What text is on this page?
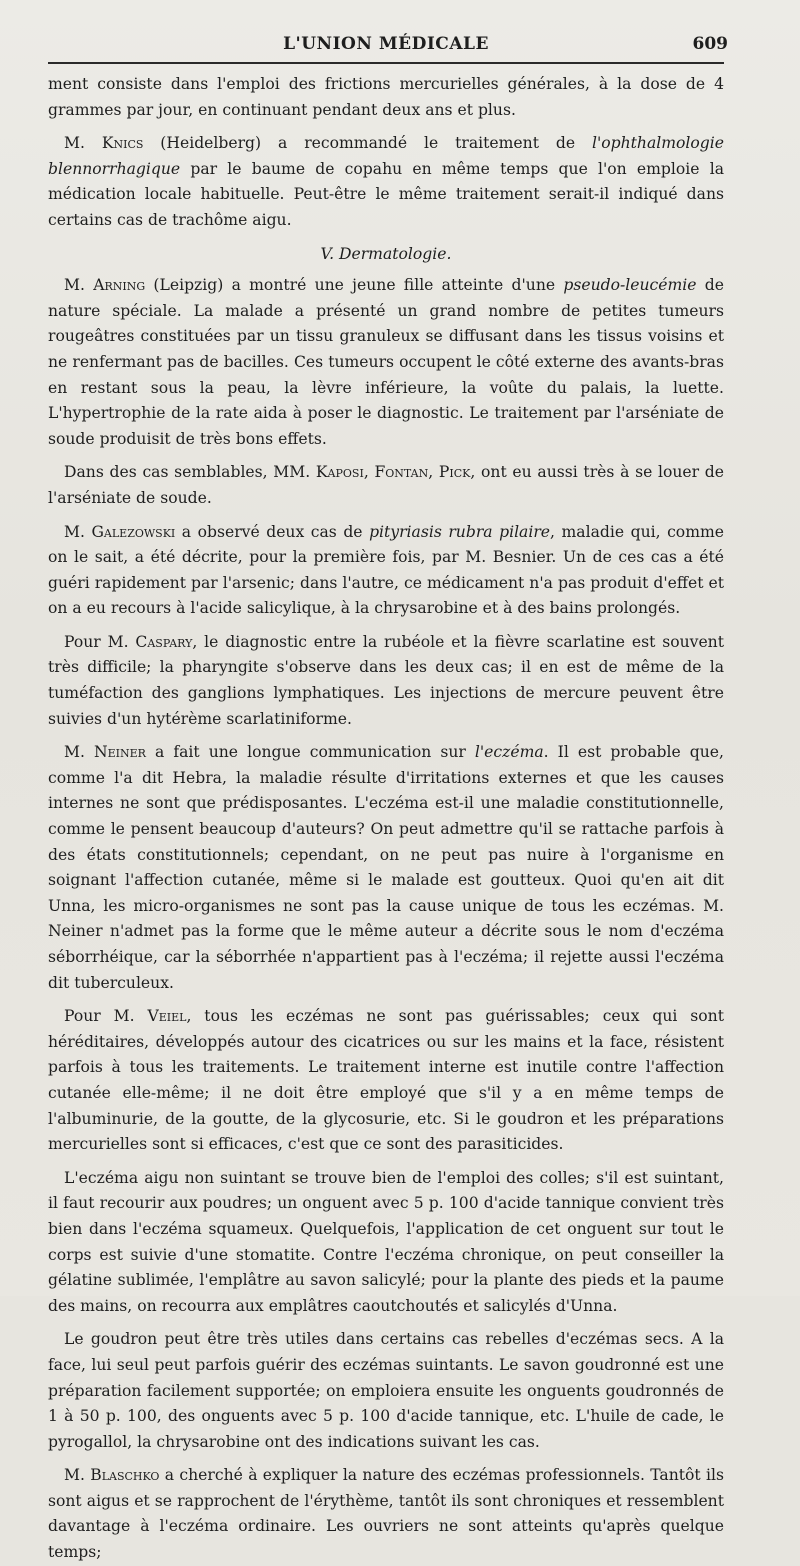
L'UNION MÉDICALE	609

ment consiste dans l'emploi des frictions mercurielles générales, à la dose de 4 grammes par jour, en continuant pendant deux ans et plus.

M. Knics (Heidelberg) a recommandé le traitement de l'ophthalmologie blennorrhagique par le baume de copahu en même temps que l'on emploie la médication locale habituelle. Peut-être le même traitement serait-il indiqué dans certains cas de trachôme aigu.

V. Dermatologie.

M. Arning (Leipzig) a montré une jeune fille atteinte d'une pseudo-leucémie de nature spéciale. La malade a présenté un grand nombre de petites tumeurs rougeâtres constituées par un tissu granuleux se diffusant dans les tissus voisins et ne renfermant pas de bacilles. Ces tumeurs occupent le côté externe des avants-bras en restant sous la peau, la lèvre inférieure, la voûte du palais, la luette. L'hypertrophie de la rate aida à poser le diagnostic. Le traitement par l'arséniate de soude produisit de très bons effets.

Dans des cas semblables, MM. Kaposi, Fontan, Pick, ont eu aussi très à se louer de l'arséniate de soude.

M. Galezowski a observé deux cas de pityriasis rubra pilaire, maladie qui, comme on le sait, a été décrite, pour la première fois, par M. Besnier. Un de ces cas a été guéri rapidement par l'arsenic; dans l'autre, ce médicament n'a pas produit d'effet et on a eu recours à l'acide salicylique, à la chrysarobine et à des bains prolongés.

Pour M. Caspary, le diagnostic entre la rubéole et la fièvre scarlatine est souvent très difficile; la pharyngite s'observe dans les deux cas; il en est de même de la tuméfaction des ganglions lymphatiques. Les injections de mercure peuvent être suivies d'un hytérème scarlatiniforme.

M. Neiner a fait une longue communication sur l'eczéma. Il est probable que, comme l'a dit Hebra, la maladie résulte d'irritations externes et que les causes internes ne sont que prédisposantes. L'eczéma est-il une maladie constitutionnelle, comme le pensent beaucoup d'auteurs? On peut admettre qu'il se rattache parfois à des états constitutionnels; cependant, on ne peut pas nuire à l'organisme en soignant l'affection cutanée, même si le malade est goutteux. Quoi qu'en ait dit Unna, les micro-organismes ne sont pas la cause unique de tous les eczémas. M. Neiner n'admet pas la forme que le même auteur a décrite sous le nom d'eczéma séborrhéique, car la séborrhée n'appartient pas à l'eczéma; il rejette aussi l'eczéma dit tuberculeux.

Pour M. Veiel, tous les eczémas ne sont pas guérissables; ceux qui sont héréditaires, développés autour des cicatrices ou sur les mains et la face, résistent parfois à tous les traitements. Le traitement interne est inutile contre l'affection cutanée elle-même; il ne doit être employé que s'il y a en même temps de l'albuminurie, de la goutte, de la glycosurie, etc. Si le goudron et les préparations mercurielles sont si efficaces, c'est que ce sont des parasiticides.

L'eczéma aigu non suintant se trouve bien de l'emploi des colles; s'il est suintant, il faut recourir aux poudres; un onguent avec 5 p. 100 d'acide tannique convient très bien dans l'eczéma squameux. Quelquefois, l'application de cet onguent sur tout le corps est suivie d'une stomatite. Contre l'eczéma chronique, on peut conseiller la gélatine sublimée, l'emplâtre au savon salicylé; pour la plante des pieds et la paume des mains, on recourra aux emplâtres caoutchoutés et salicylés d'Unna.

Le goudron peut être très utiles dans certains cas rebelles d'eczémas secs. A la face, lui seul peut parfois guérir des eczémas suintants. Le savon goudronné est une préparation facilement supportée; on emploiera ensuite les onguents goudronnés de 1 à 50 p. 100, des onguents avec 5 p. 100 d'acide tannique, etc. L'huile de cade, le pyrogallol, la chrysarobine ont des indications suivant les cas.

M. Blaschko a cherché à expliquer la nature des eczémas professionnels. Tantôt ils sont aigus et se rapprochent de l'érythème, tantôt ils sont chroniques et ressemblent davantage à l'eczéma ordinaire. Les ouvriers ne sont atteints qu'après quelque temps;
